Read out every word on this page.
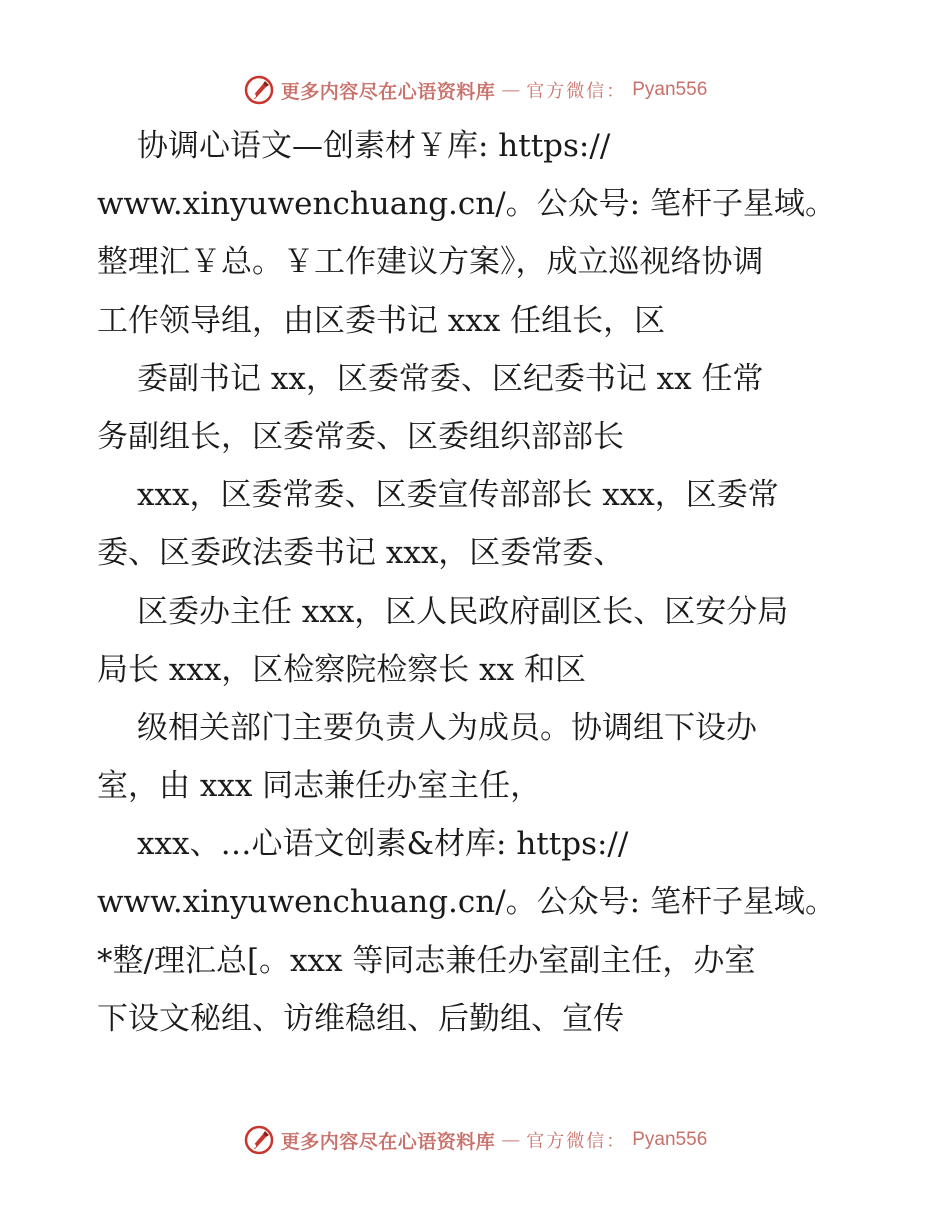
更多内容尽在心语资料库 — 官方微信： Pyan556
协调心语文—创素材￥库: https://
www.xinyuwenchuang.cn/。公众号: 笔杆子星域。
整理汇￥总。￥工作建议方案》，成立巡视络协调
工作领导组，由区委书记 xxx 任组长，区
委副书记 xx，区委常委、区纪委书记 xx 任常
务副组长，区委常委、区委组织部部长
xxx，区委常委、区委宣传部部长 xxx，区委常
委、区委政法委书记 xxx，区委常委、
区委办主任 xxx，区人民政府副区长、区安分局
局长 xxx，区检察院检察长 xx 和区
级相关部门主要负责人为成员。协调组下设办
室，由 xxx 同志兼任办室主任，
xxx、…心语文创素&材库: https://
www.xinyuwenchuang.cn/。公众号: 笔杆子星域。
*整/理汇总[。xxx 等同志兼任办室副主任，办室
下设文秘组、访维稳组、后勤组、宣传
更多内容尽在心语资料库 — 官方微信： Pyan556
